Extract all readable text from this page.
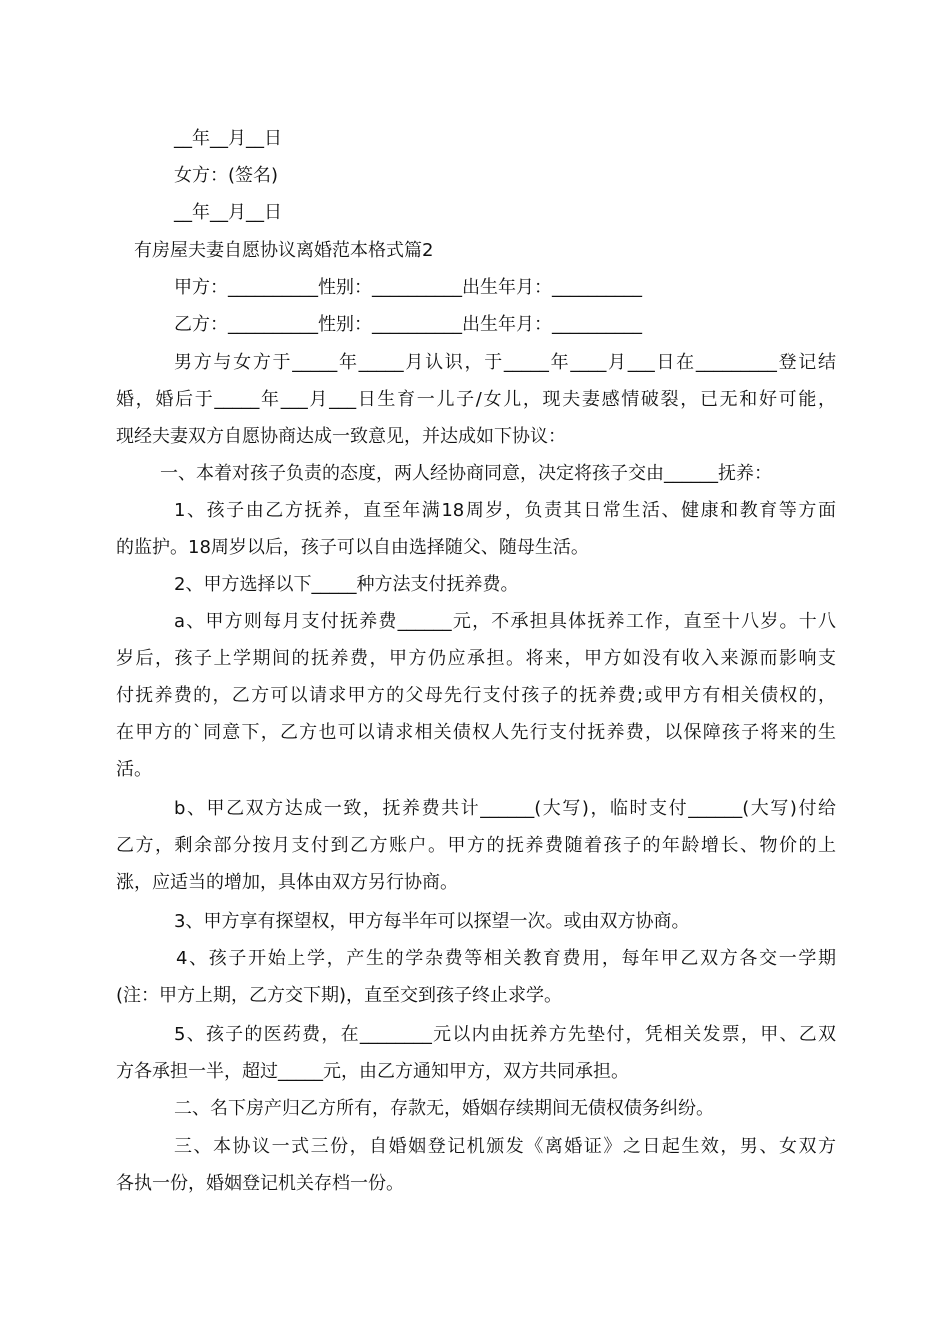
__年__月__日
女方：(签名)
__年__月__日
有房屋夫妻自愿协议离婚范本格式篇2
甲方：__________性别：__________出生年月：__________
乙方：__________性别：__________出生年月：__________
男方与女方于_____年_____月认识，于_____年____月___日在_________登记结
婚，婚后于_____年___月___日生育一儿子/女儿，现夫妻感情破裂，已无和好可能，
现经夫妻双方自愿协商达成一致意见，并达成如下协议：
一、本着对孩子负责的态度，两人经协商同意，决定将孩子交由______抚养：
1、孩子由乙方抚养，直至年满18周岁，负责其日常生活、健康和教育等方面
的监护。18周岁以后，孩子可以自由选择随父、随母生活。
2、甲方选择以下_____种方法支付抚养费。
a、甲方则每月支付抚养费______元，不承担具体抚养工作，直至十八岁。十八
岁后，孩子上学期间的抚养费，甲方仍应承担。将来，甲方如没有收入来源而影响支
付抚养费的，乙方可以请求甲方的父母先行支付孩子的抚养费;或甲方有相关债权的，
在甲方的`同意下，乙方也可以请求相关债权人先行支付抚养费，以保障孩子将来的生
活。
b、甲乙双方达成一致，抚养费共计______(大写)，临时支付______(大写)付给
乙方，剩余部分按月支付到乙方账户。甲方的抚养费随着孩子的年龄增长、物价的上
涨，应适当的增加，具体由双方另行协商。
3、甲方享有探望权，甲方每半年可以探望一次。或由双方协商。
4、孩子开始上学，产生的学杂费等相关教育费用，每年甲乙双方各交一学期
(注：甲方上期，乙方交下期)，直至交到孩子终止求学。
5、孩子的医药费，在________元以内由抚养方先垫付，凭相关发票，甲、乙双
方各承担一半，超过_____元，由乙方通知甲方，双方共同承担。
二、名下房产归乙方所有，存款无，婚姻存续期间无债权债务纠纷。
三、本协议一式三份，自婚姻登记机颁发《离婚证》之日起生效，男、女双方
各执一份，婚姻登记机关存档一份。
